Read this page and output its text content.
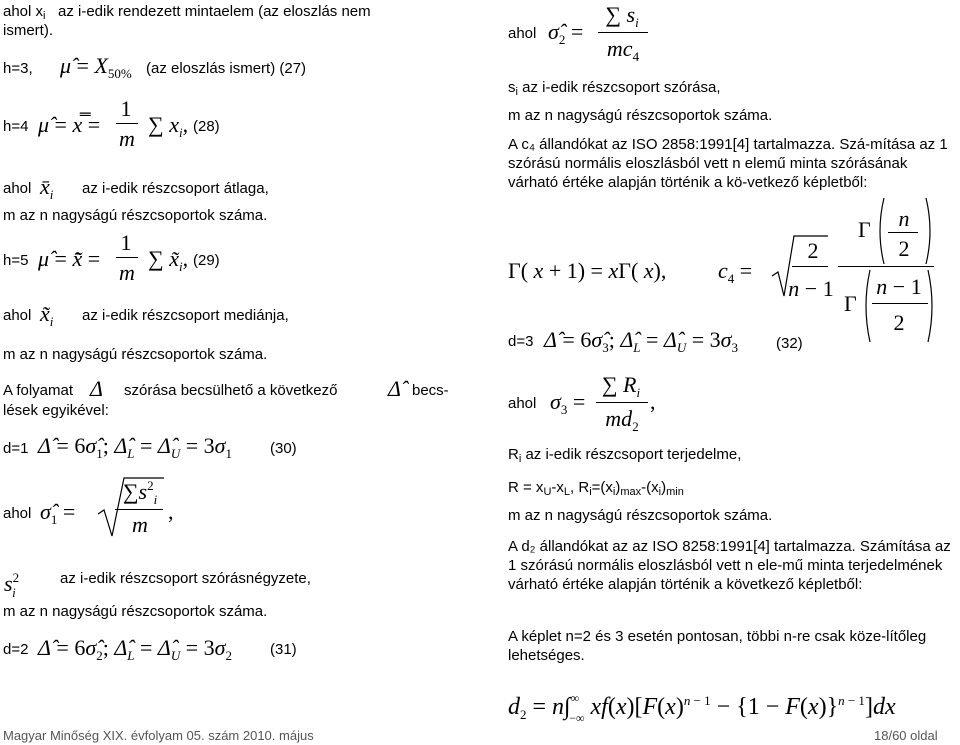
ahol $x_i$ az i-edik rendezett mintaelem (az eloszlás nem
ismert).
h=3, μ̂ = $X_{50\%}$ (az eloszlás ismert) (27)
h=4 μ̂ = x̿ =
1
m
∑ $x_i$, (28)
ahol $x̄_i$ az i-edik részcsoport átlaga,
m az n nagyságú részcsoportok száma.
h=5 μ̂ = x̃̄ =
1
m
∑ $x̃_i$, (29)
ahol $x̃_i$ az i-edik részcsoport mediánja,
m az n nagyságú részcsoportok száma.
A folyamat Δ szórása becsülhető a következő Δ̂ becs-
lések egyikével:
d=1 Δ̂ = $6\sigmâ_1$; $\Deltâ_L$ = $\Deltâ_U = 3\sigma_1$	(30)
ahol $\sigmâ_1$ =
$\sum s^2_i$
m
,
$s^2_i$
az i-edik részcsoport szórásnégyzete,
m az n nagyságú részcsoportok száma.
d=2 Δ̂ = $6\sigmâ_2$; $\Deltâ_L$ = $\Deltâ_U = 3\sigma_2$	(31)
ahol $\sigmâ_2$ =
∑ $s_i$
$mc_4$
$s_i$ az i-edik részcsoport szórása,
m az n nagyságú részcsoportok száma.
A c₄ állandókat az ISO 2858:1991[4] tartalmazza. Szá-mítása az 1 szórású normális eloszlásból vett n elemű minta szórásának várható értéke alapján történik a kö-vetkező képletből:
Γ( x + 1) = xΓ( x), $c_4$ =
2
n − 1
Γ	n
2
Γ
n − 1
2
d=3 Δ̂ = $6\sigmâ_3$; $\Deltâ_L$ = $\Deltâ_U = 3\sigma_3$	(32)
ahol $\sigma_3$ =
∑ $R_i$
$md_2$
,
$R_i$ az i-edik részcsoport terjedelme,
$R = x_U-x_L$, $R_i=(x_i)_{max}-(x_i)_{min}$
m az n nagyságú részcsoportok száma.
A d₂ állandókat az az ISO 8258:1991[4] tartalmazza. Számítása az 1 szórású normális eloszlásból vett n ele-mű minta terjedelmének várható értéke alapján történik a következő képletből:
A képlet n=2 és 3 esetén pontosan, többi n-re csak köze-lítőleg lehetséges.
$d_2 = n\int^\infty_{-\infty}$ $xf(x)[F(x)^{n - 1} - \{1 - F(x)\}^{n - 1}]dx$
Magyar Minőség XIX. évfolyam 05. szám 2010. május	18/60 oldal
